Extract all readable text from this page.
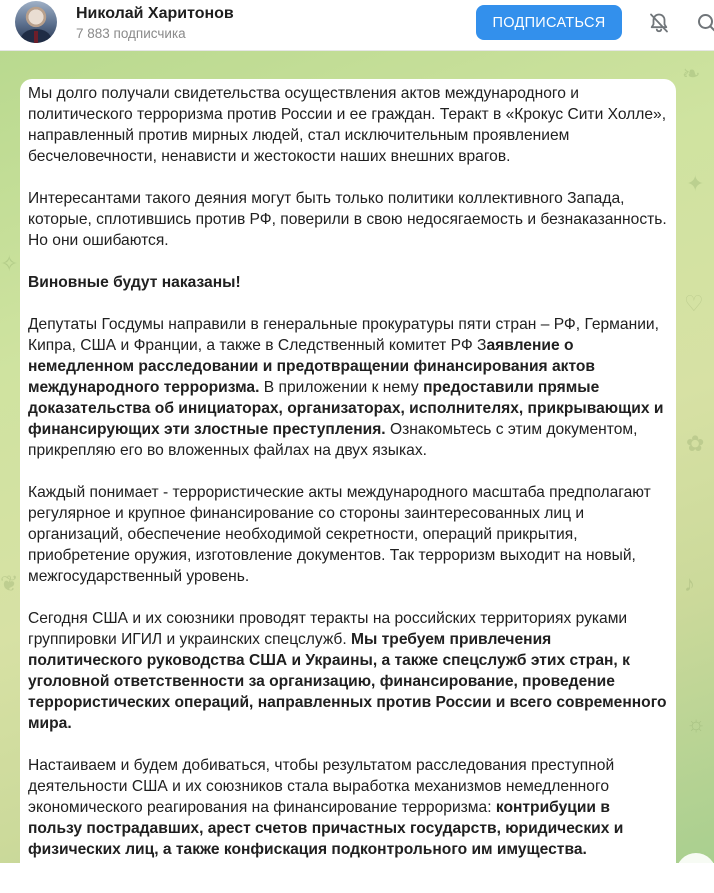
Николай Харитонов
7 883 подписчика
ПОДПИСАТЬСЯ
❧
✦
♡
✿
♪
☼
✧
❦

Мы долго получали свидетельства осуществления актов международного и политического терроризма против России и ее граждан. Теракт в «Крокус Сити Холле», направленный против мирных людей, стал исключительным проявлением бесчеловечности, ненависти и жестокости наших внешних врагов.

Интересантами такого деяния могут быть только политики коллективного Запада, которые, сплотившись против РФ, поверили в свою недосягаемость и безнаказанность. Но они ошибаются.

Виновные будут наказаны!

Депутаты Госдумы направили в генеральные прокуратуры пяти стран – РФ, Германии, Кипра, США и Франции, а также в Следственный комитет РФ Заявление о немедленном расследовании и предотвращении финансирования актов международного терроризма. В приложении к нему предоставили прямые доказательства об инициаторах, организаторах, исполнителях, прикрывающих и финансирующих эти злостные преступления. Ознакомьтесь с этим документом, прикрепляю его во вложенных файлах на двух языках.

Каждый понимает - террористические акты международного масштаба предполагают регулярное и крупное финансирование со стороны заинтересованных лиц и организаций, обеспечение необходимой секретности, операций прикрытия, приобретение оружия, изготовление документов. Так терроризм выходит на новый, межгосударственный уровень.

Сегодня США и их союзники проводят теракты на российских территориях руками группировки ИГИЛ и украинских спецслужб. Мы требуем привлечения политического руководства США и Украины, а также спецслужб этих стран, к уголовной ответственности за организацию, финансирование, проведение террористических операций, направленных против России и всего современного мира.

Настаиваем и будем добиваться, чтобы результатом расследования преступной деятельности США и их союзников стала выработка механизмов немедленного экономического реагирования на финансирование терроризма: контрибуции в пользу пострадавших, арест счетов причастных государств, юридических и физических лиц, а также конфискация подконтрольного им имущества.
